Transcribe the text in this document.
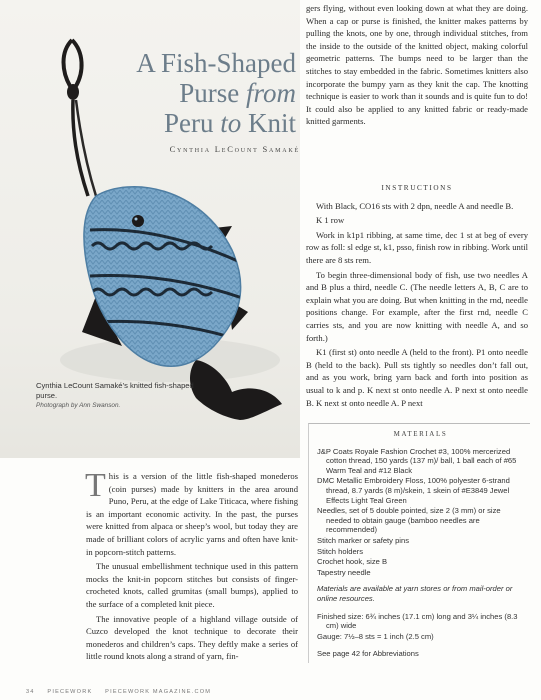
A Fish-Shaped
Purse from
Peru to Knit
Cynthia LeCount Samaké
Cynthia LeCount Samaké’s knitted fish-shaped purse.
Photograph by Ann Swanson.

gers flying, without even looking down at what they are doing. When a cap or purse is finished, the knitter makes patterns by pulling the knots, one by one, through individual stitches, from the inside to the outside of the knitted object, making colorful geometric patterns. The bumps need to be larger than the stitches to stay embedded in the fabric. Sometimes knitters also incorporate the bumpy yarn as they knit the cap. The knotting technique is easier to work than it sounds and is quite fun to do! It could also be applied to any knitted fabric or ready-made knitted garments.

INSTRUCTIONS

With Black, CO16 sts with 2 dpn, needle A and needle B.

K 1 row

Work in k1p1 ribbing, at same time, dec 1 st at beg of every row as foll: sl edge st, k1, psso, finish row in ribbing. Work until there are 8 sts rem.

To begin three-dimensional body of fish, use two needles A and B plus a third, needle C. (The needle letters A, B, C are to explain what you are doing. But when knitting in the rnd, needle positions change. For example, after the first rnd, needle C carries sts, and you are now knitting with needle A, and so forth.)

K1 (first st) onto needle A (held to the front). P1 onto needle B (held to the back). Pull sts tightly so needles don’t fall out, and as you work, bring yarn back and forth into position as usual to k and p. K next st onto needle A. P next st onto needle B. K next st onto needle A. P next

This is a version of the little fish-shaped monederos (coin purses) made by knitters in the area around Puno, Peru, at the edge of Lake Titicaca, where fishing is an important economic activity. In the past, the purses were knitted from alpaca or sheep’s wool, but today they are made of brilliant colors of acrylic yarns and often have knit-in popcorn-stitch patterns.

The unusual embellishment technique used in this pattern mocks the knit-in popcorn stitches but consists of finger-crocheted knots, called grumitas (small bumps), applied to the surface of a completed knit piece.

The innovative people of a highland village outside of Cuzco developed the knot technique to decorate their monederos and children’s caps. They deftly make a series of little round knots along a strand of yarn, fin-

MATERIALS

J&P Coats Royale Fashion Crochet #3, 100% mercerized cotton thread, 150 yards (137 m)/ ball, 1 ball each of #65 Warm Teal and #12 Black

DMC Metallic Embroidery Floss, 100% polyester 6-strand thread, 8.7 yards (8 m)/skein, 1 skein of #E3849 Jewel Effects Light Teal Green

Needles, set of 5 double pointed, size 2 (3 mm) or size needed to obtain gauge (bamboo needles are recommended)

Stitch marker or safety pins

Stitch holders

Crochet hook, size B

Tapestry needle

Materials are available at yarn stores or from mail-order or online resources.

Finished size: 6¾ inches (17.1 cm) long and 3¼ inches (8.3 cm) wide

Gauge: 7½–8 sts = 1 inch (2.5 cm)

See page 42 for Abbreviations

34 PIECEWORK PIECEWORK MAGAZINE.COM
